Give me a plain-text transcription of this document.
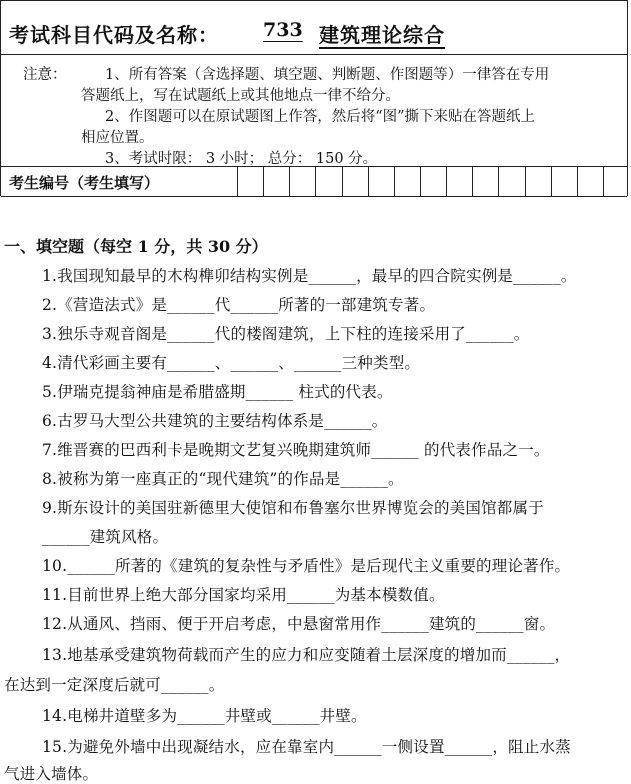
考试科目代码及名称： 733 建筑理论综合
注意：	1、所有答案（含选择题、填空题、判断题、作图题等）一律答在专用
答题纸上，写在试题纸上或其他地点一律不给分。
2、作图题可以在原试题图上作答，然后将“图”撕下来贴在答题纸上
相应位置。
3、考试时限： 3 小时； 总分： 150 分。
考生编号（考生填写）
一、填空题（每空 1 分，共 30 分）
1.我国现知最早的木构榫卯结构实例是______，最早的四合院实例是______。
2.《营造法式》是______代______所著的一部建筑专著。
3.独乐寺观音阁是______代的楼阁建筑，上下柱的连接采用了______。
4.清代彩画主要有______、______、______三种类型。
5.伊瑞克提翁神庙是希腊盛期______ 柱式的代表。
6.古罗马大型公共建筑的主要结构体系是______。
7.维晋赛的巴西利卡是晚期文艺复兴晚期建筑师______ 的代表作品之一。
8.被称为第一座真正的“现代建筑”的作品是______。
9.斯东设计的美国驻新德里大使馆和布鲁塞尔世界博览会的美国馆都属于
______建筑风格。
10.______所著的《建筑的复杂性与矛盾性》是后现代主义重要的理论著作。
11.目前世界上绝大部分国家均采用______为基本模数值。
12.从通风、挡雨、便于开启考虑，中悬窗常用作______建筑的______窗。
13.地基承受建筑物荷载而产生的应力和应变随着土层深度的增加而______，
在达到一定深度后就可______。
14.电梯井道壁多为______井壁或______井壁。
15.为避免外墙中出现凝结水，应在靠室内______一侧设置______，阻止水蒸
气进入墙体。
